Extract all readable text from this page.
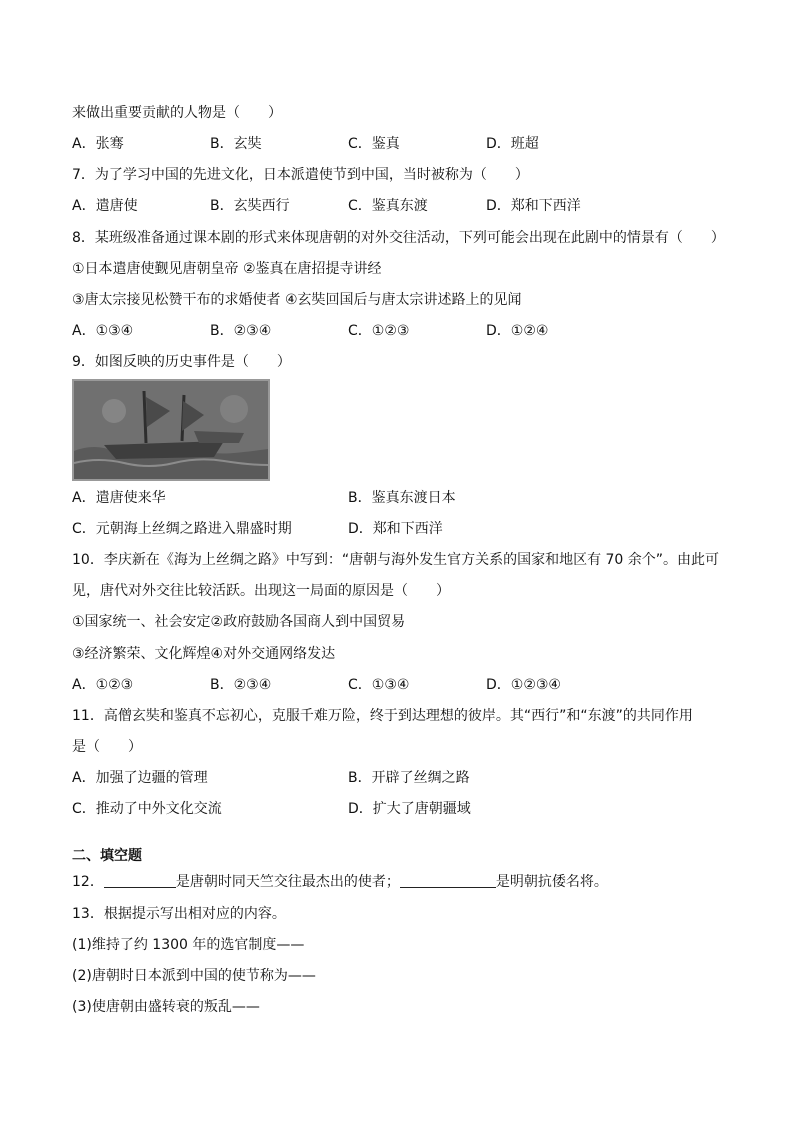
来做出重要贡献的人物是（　　）
A．张骞	B．玄奘	C．鉴真	D．班超
7．为了学习中国的先进文化，日本派遣使节到中国，当时被称为（　　）
A．遣唐使	B．玄奘西行	C．鉴真东渡	D．郑和下西洋
8．某班级准备通过课本剧的形式来体现唐朝的对外交往活动，下列可能会出现在此剧中的情景有（　　）
①日本遣唐使觐见唐朝皇帝 ②鉴真在唐招提寺讲经
③唐太宗接见松赞干布的求婚使者 ④玄奘回国后与唐太宗讲述路上的见闻
A．①③④	B．②③④	C．①②③	D．①②④
9．如图反映的历史事件是（　　）
A．遣唐使来华	B．鉴真东渡日本
C．元朝海上丝绸之路进入鼎盛时期	D．郑和下西洋
10．李庆新在《海为上丝绸之路》中写到：“唐朝与海外发生官方关系的国家和地区有 70 余个”。由此可
见，唐代对外交往比较活跃。出现这一局面的原因是（　　）
①国家统一、社会安定②政府鼓励各国商人到中国贸易
③经济繁荣、文化辉煌④对外交通网络发达
A．①②③	B．②③④	C．①③④	D．①②③④
11．高僧玄奘和鉴真不忘初心，克服千难万险，终于到达理想的彼岸。其“西行”和“东渡”的共同作用
是（　　）
A．加强了边疆的管理	B．开辟了丝绸之路
C．推动了中外文化交流	D．扩大了唐朝疆域
二、填空题
12．	是唐朝时同天竺交往最杰出的使者；	是明朝抗倭名将。
13．根据提示写出相对应的内容。
(1)维持了约 1300 年的选官制度——
(2)唐朝时日本派到中国的使节称为——
(3)使唐朝由盛转衰的叛乱——
